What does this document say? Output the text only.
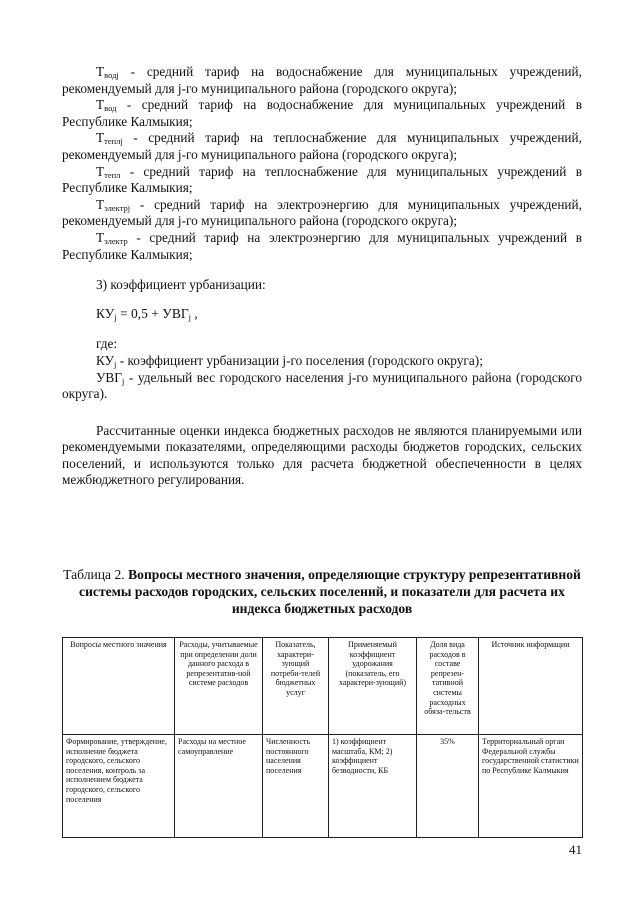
$Т_{водj}$ - средний тариф на водоснабжение для муниципальных учреждений, рекомендуемый для j-го муниципального района (городского округа);

$Т_{вод}$ - средний тариф на водоснабжение для муниципальных учреждений в Республике Калмыкия;

$Т_{теплj}$ - средний тариф на теплоснабжение для муниципальных учреждений, рекомендуемый для j-го муниципального района (городского округа);

$Т_{тепл}$ - средний тариф на теплоснабжение для муниципальных учреждений в Республике Калмыкия;

$Т_{электрj}$ - средний тариф на электроэнергию для муниципальных учреждений, рекомендуемый для j-го муниципального района (городского округа);

$Т_{электр}$ - средний тариф на электроэнергию для муниципальных учреждений в Республике Калмыкия;

3) коэффициент урбанизации:

$КУ_j = 0,5 + УВГ_j$ ,

где:

$КУ_j$ - коэффициент урбанизации j-го поселения (городского округа);

$УВГ_j$ - удельный вес городского населения j-го муниципального района (городского округа).

Рассчитанные оценки индекса бюджетных расходов не являются планируемыми или рекомендуемыми показателями, определяющими расходы бюджетов городских, сельских поселений, и используются только для расчета бюджетной обеспеченности в целях межбюджетного регулирования.

Таблица 2. Вопросы местного значения, определяющие структуру репрезентативной системы расходов городских, сельских поселений, и показатели для расчета их индекса бюджетных расходов
Вопросы местного значения	Расходы, учитываемые при определении доли данного расхода в репрезентатив-ной системе расходов	Показатель, характери-зующий потреби-телей бюджетных услуг	Применяемый коэффициент удорожания (показатель, его характери-зующий)	Доля вида расходов в составе репрезен-тативной системы расходных обяза-тельств	Источник информации
Формирование, утверждение, исполнение бюджета городского, сельского поселения, контроль за исполнением бюджета городского, сельского поселения	Расходы на местное самоуправление	Численность постоянного населения поселения	1) коэффициент масштаба, КМ; 2) коэффициент безводности, КБ	35%	Территориальный орган Федеральной службы государственной статистики по Республике Калмыкия
41
